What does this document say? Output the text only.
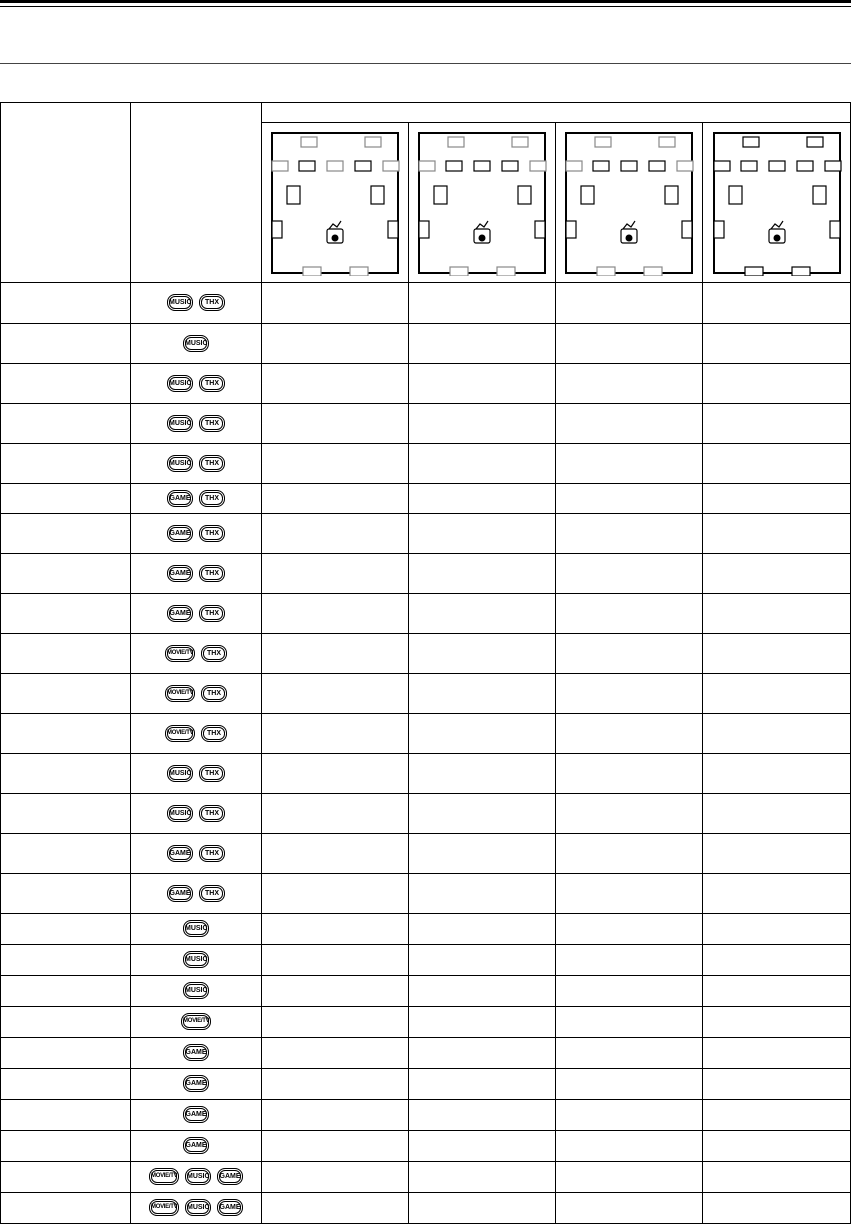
	MUSIC THX				
	MUSIC				
	MUSIC THX				
	MUSIC THX				
	MUSIC THX				
	GAME THX				
	GAME THX				
	GAME THX				
	GAME THX				
	MOVIE/TV THX				
	MOVIE/TV THX				
	MOVIE/TV THX				
	MUSIC THX				
	MUSIC THX				
	GAME THX				
	GAME THX				
	MUSIC				
	MUSIC				
	MUSIC				
	MOVIE/TV				
	GAME				
	GAME				
	GAME				
	GAME				
	MOVIE/TV MUSIC GAME				
	MOVIE/TV MUSIC GAME				
